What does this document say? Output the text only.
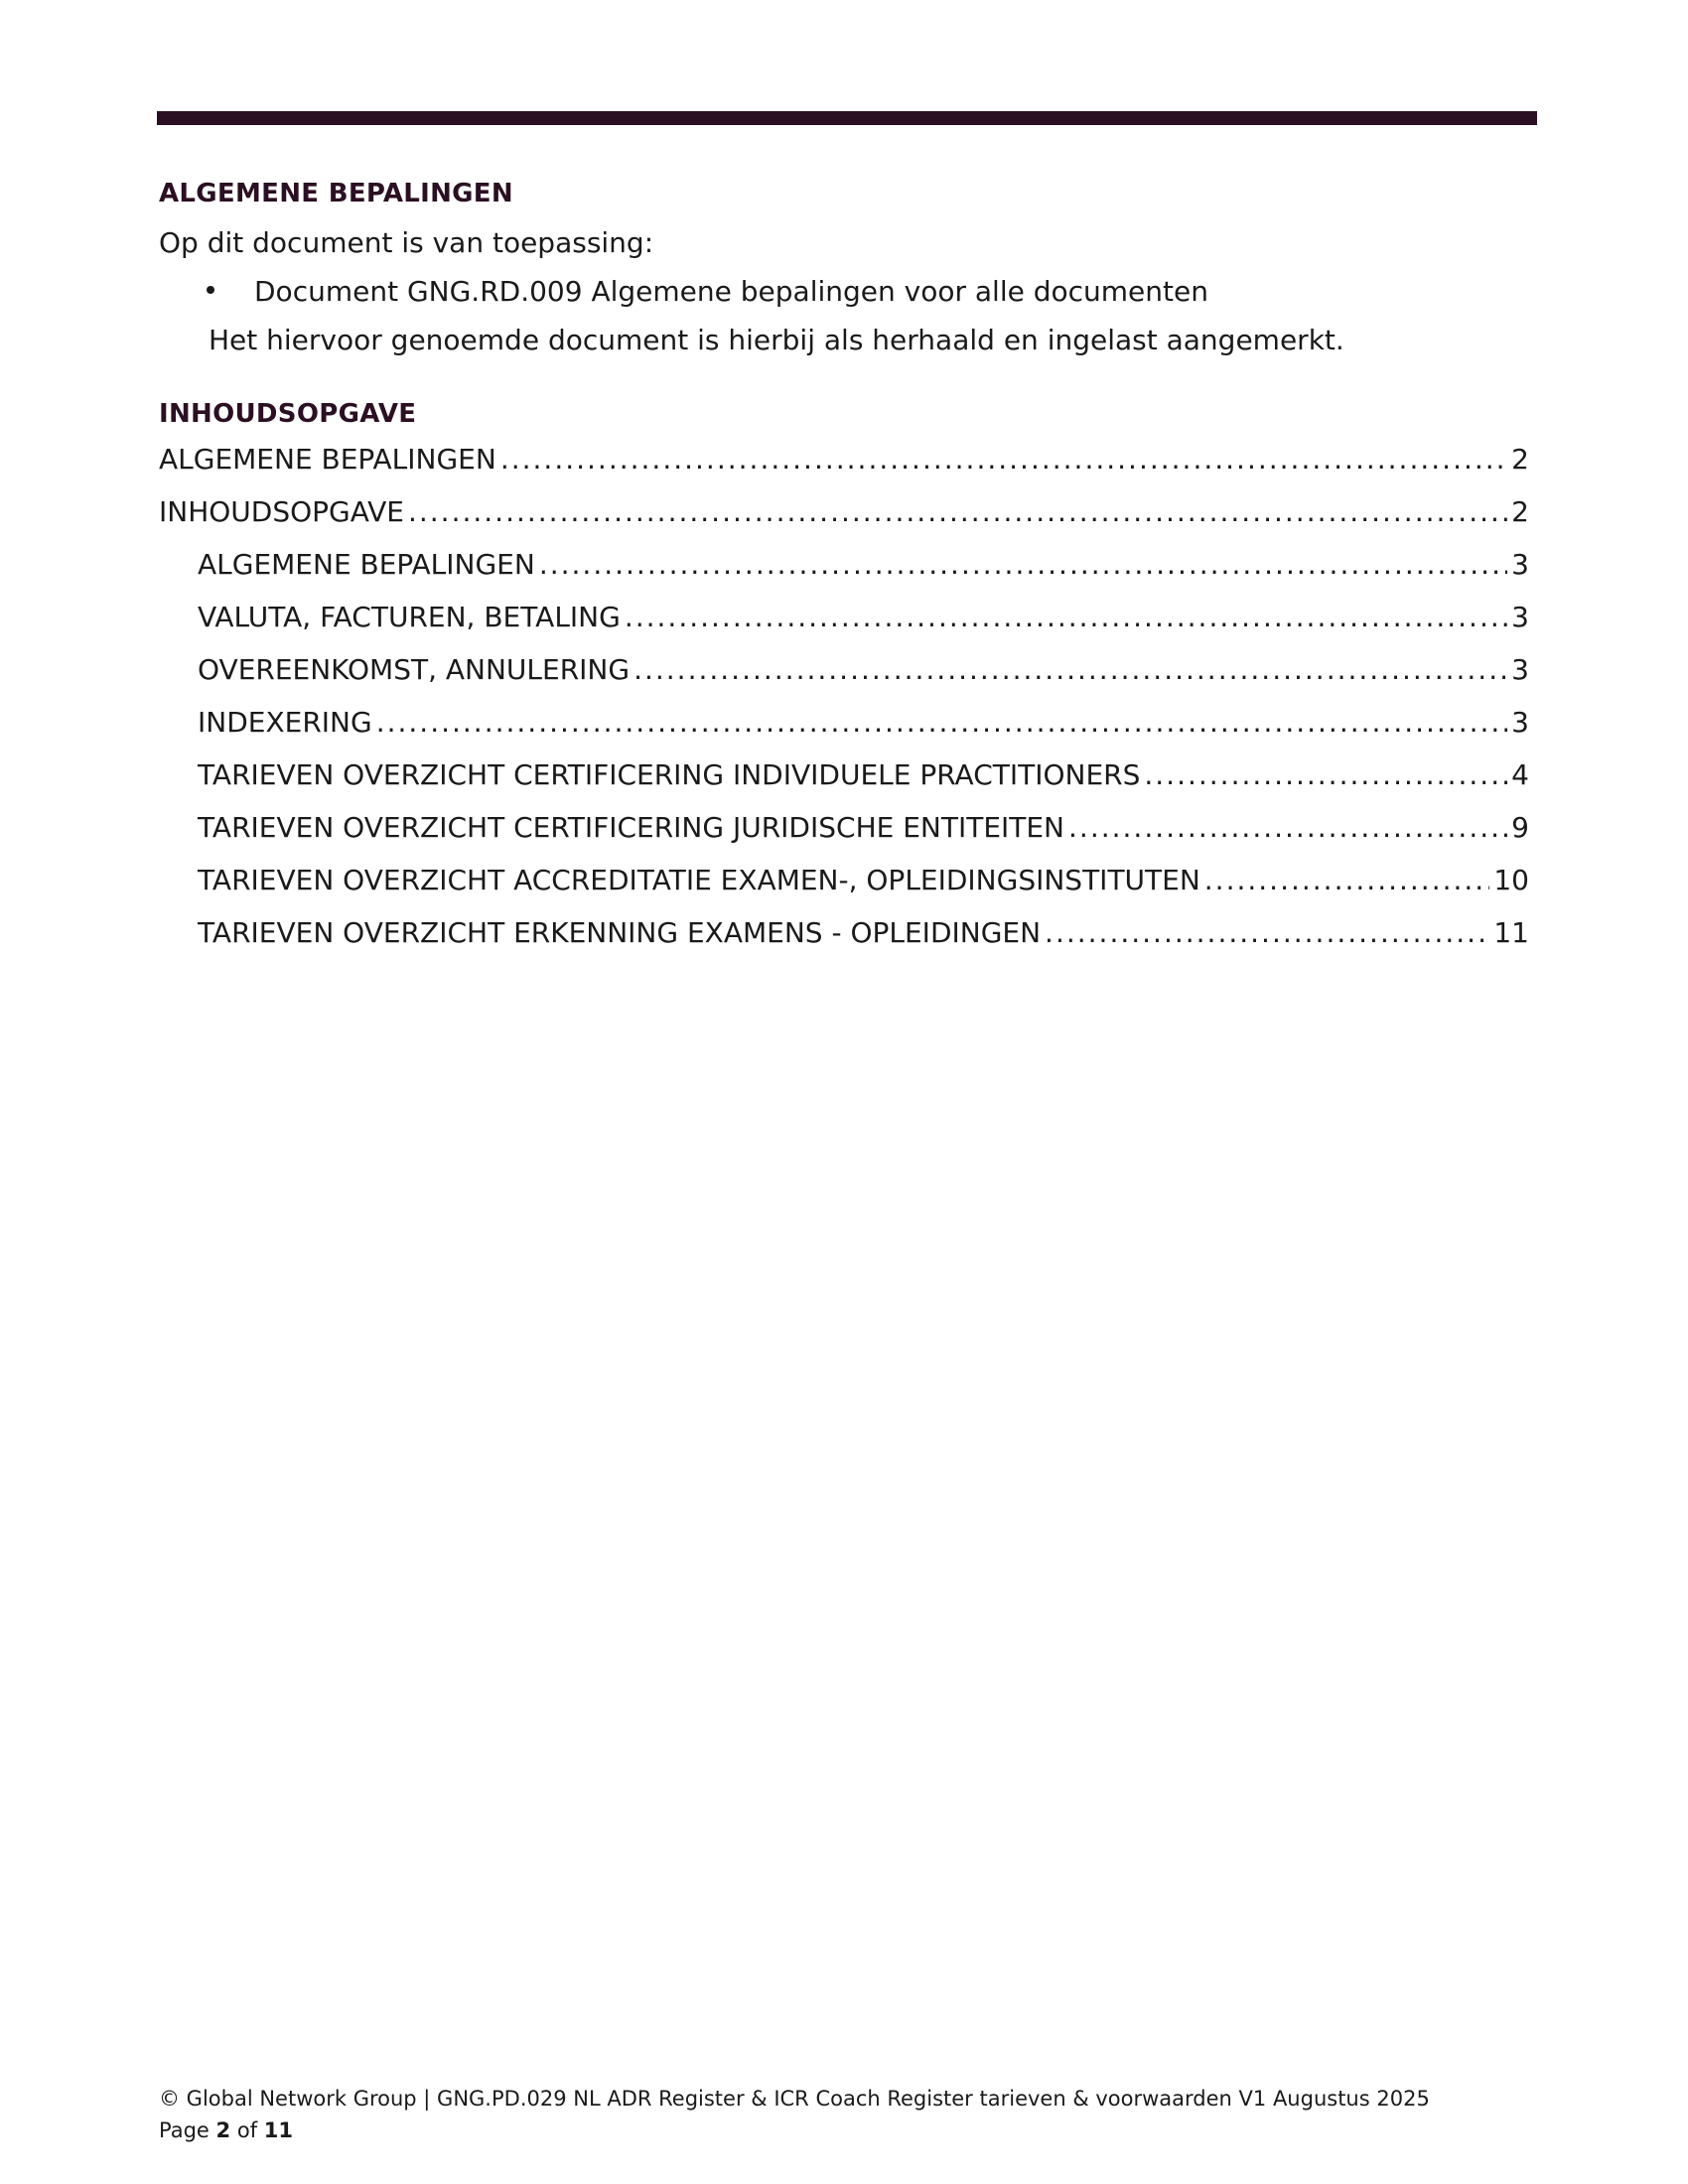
ALGEMENE BEPALINGEN

Op dit document is van toepassing:

Document GNG.RD.009 Algemene bepalingen voor alle documenten

Het hiervoor genoemde document is hierbij als herhaald en ingelast aangemerkt.

INHOUDSOPGAVE
ALGEMENE BEPALINGEN .....	2
INHOUDSOPGAVE .....	2
ALGEMENE BEPALINGEN .....	3
VALUTA, FACTUREN, BETALING .....	3
OVEREENKOMST, ANNULERING .....	3
INDEXERING .....	3
TARIEVEN OVERZICHT CERTIFICERING INDIVIDUELE PRACTITIONERS .....	4
TARIEVEN OVERZICHT CERTIFICERING JURIDISCHE ENTITEITEN .....	9
TARIEVEN OVERZICHT ACCREDITATIE EXAMEN-, OPLEIDINGSINSTITUTEN .....	10
TARIEVEN OVERZICHT ERKENNING EXAMENS - OPLEIDINGEN .....	11
© Global Network Group | GNG.PD.029 NL ADR Register & ICR Coach Register tarieven & voorwaarden V1 Augustus 2025
Page 2 of 11
